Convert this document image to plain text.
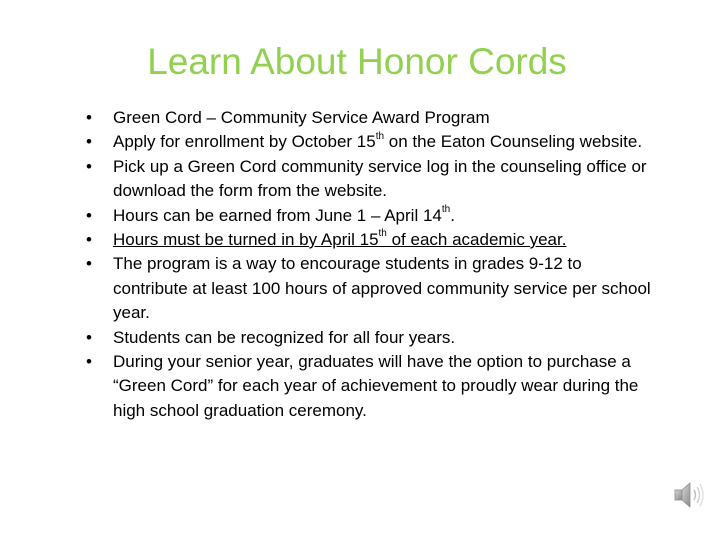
Learn About Honor Cords
• Green Cord – Community Service Award Program
• Apply for enrollment by October 15th on the Eaton Counseling website.
• Pick up a Green Cord community service log in the counseling office or download the form from the website.
• Hours can be earned from June 1 – April 14th.
• Hours must be turned in by April 15th of each academic year.
• The program is a way to encourage students in grades 9-12 to contribute at least 100 hours of approved community service per school year.
• Students can be recognized for all four years.
• During your senior year, graduates will have the option to purchase a “Green Cord” for each year of achievement to proudly wear during the high school graduation ceremony.
